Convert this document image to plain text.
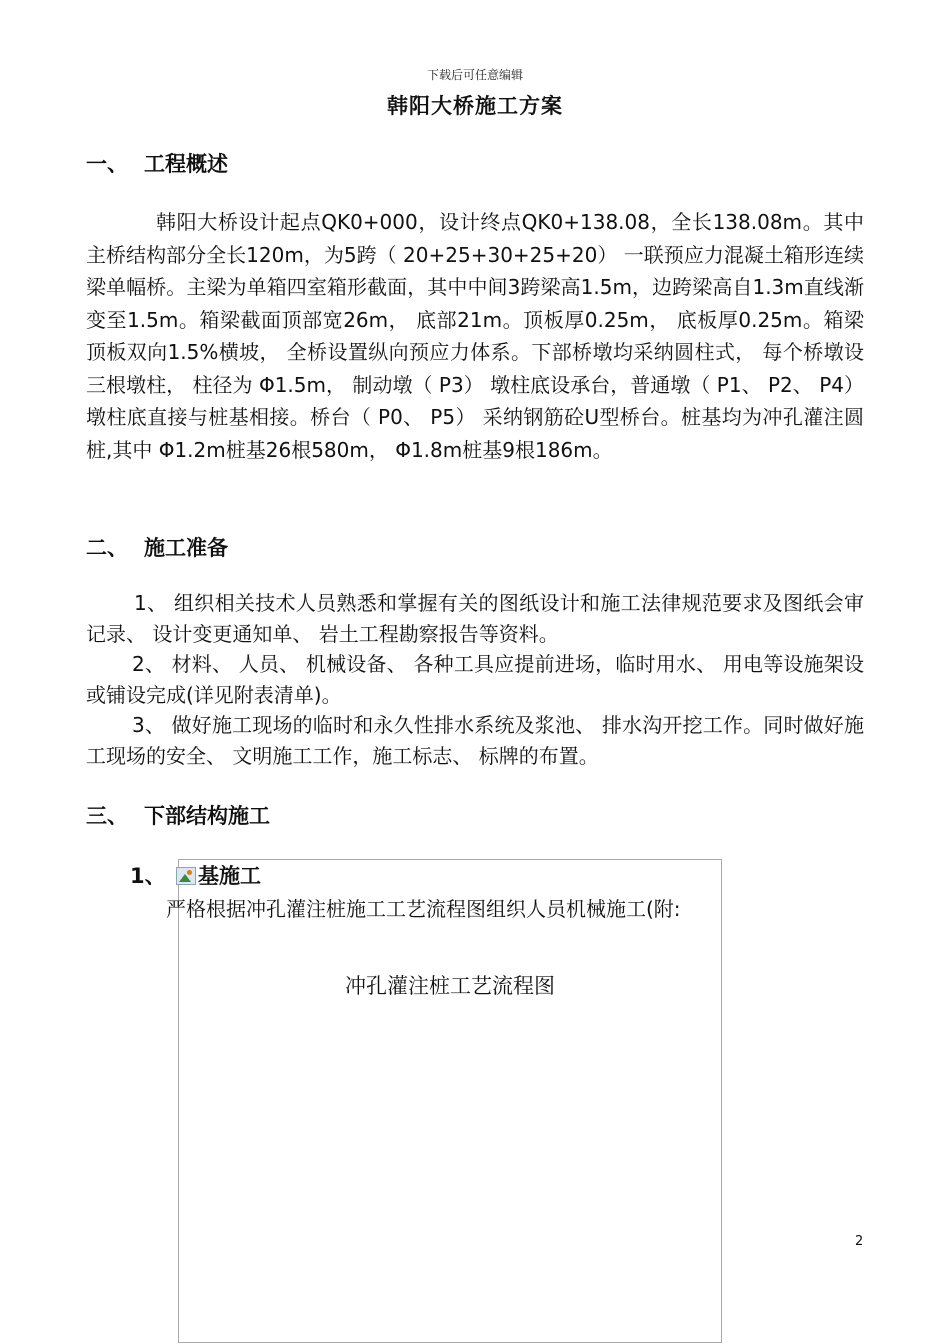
下载后可任意编辑
韩阳大桥施工方案
一、 工程概述

韩阳大桥设计起点QK0+000，设计终点QK0+138.08，全长138.08m。其中主桥结构部分全长120m，为5跨（ 20+25+30+25+20） 一联预应力混凝土箱形连续梁单幅桥。主梁为单箱四室箱形截面，其中中间3跨梁高1.5m，边跨梁高自1.3m直线渐变至1.5m。箱梁截面顶部宽26m， 底部21m。顶板厚0.25m， 底板厚0.25m。箱梁顶板双向1.5%横坡， 全桥设置纵向预应力体系。下部桥墩均采纳圆柱式， 每个桥墩设三根墩柱， 柱径为 Φ1.5m， 制动墩（ P3） 墩柱底设承台，普通墩（ P1、 P2、 P4） 墩柱底直接与桩基相接。桥台（ P0、 P5） 采纳钢筋砼U型桥台。桩基均为冲孔灌注圆桩,其中 Φ1.2m桩基26根580m， Φ1.8m桩基9根186m。

二、 施工准备

1、 组织相关技术人员熟悉和掌握有关的图纸设计和施工法律规范要求及图纸会审记录、 设计变更通知单、 岩土工程勘察报告等资料。

2、 材料、 人员、 机械设备、 各种工具应提前进场，临时用水、 用电等设施架设或铺设完成(详见附表清单)。

3、 做好施工现场的临时和永久性排水系统及浆池、 排水沟开挖工作。同时做好施工现场的安全、 文明施工工作，施工标志、 标牌的布置。

三、 下部结构施工
1、 基施工
严格根据冲孔灌注桩施工工艺流程图组织人员机械施工(附:
冲孔灌注桩工艺流程图
2
